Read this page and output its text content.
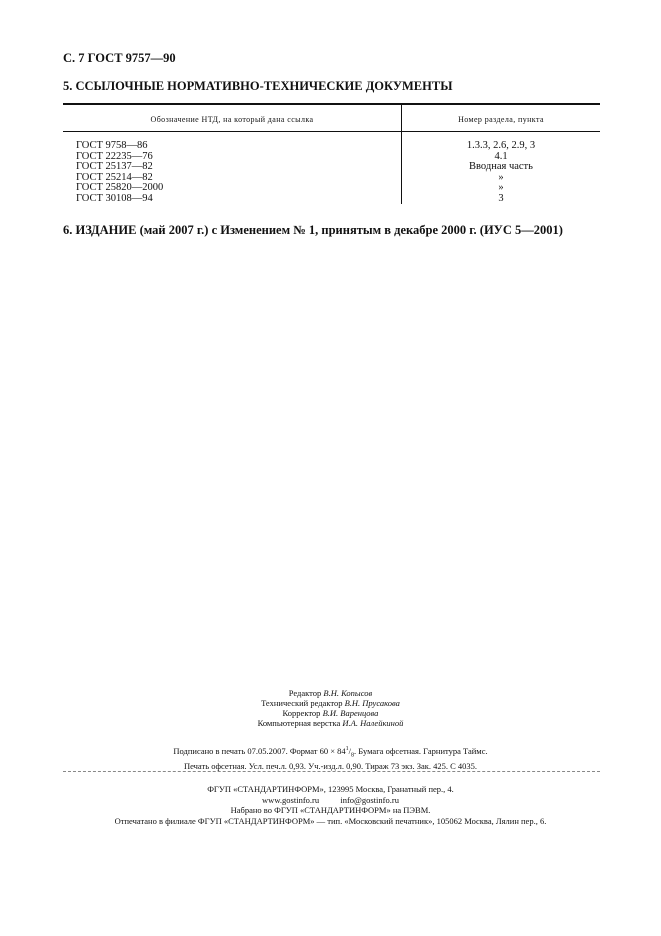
С. 7 ГОСТ 9757—90
5. ССЫЛОЧНЫЕ НОРМАТИВНО-ТЕХНИЧЕСКИЕ ДОКУМЕНТЫ
Обозначение НТД, на который дана ссылка	Номер раздела, пункта
ГОСТ 9758—86
ГОСТ 22235—76
ГОСТ 25137—82
ГОСТ 25214—82
ГОСТ 25820—2000
ГОСТ 30108—94
1.3.3, 2.6, 2.9, 3
4.1
Вводная часть
»
»
3
6. ИЗДАНИЕ (май 2007 г.) с Изменением № 1, принятым в декабре 2000 г. (ИУС 5—2001)
Редактор В.Н. Копысов
Технический редактор В.Н. Прусакова
Корректор В.И. Варенцова
Компьютерная верстка И.А. Налейкиной
Подписано в печать 07.05.2007. Формат $60 \times 84^1/_8$. Бумага офсетная. Гарнитура Таймс.
Печать офсетная. Усл. печ.л. 0,93. Уч.-изд.л. 0,90. Тираж 73 экз. Зак. 425. С 4035.
ФГУП «СТАНДАРТИНФОРМ», 123995 Москва, Гранатный пер., 4.
www.gostinfo.ru	info@gostinfo.ru
Набрано во ФГУП «СТАНДАРТИНФОРМ» на ПЭВМ.
Отпечатано в филиале ФГУП «СТАНДАРТИНФОРМ» — тип. «Московский печатник», 105062 Москва, Лялин пер., 6.
